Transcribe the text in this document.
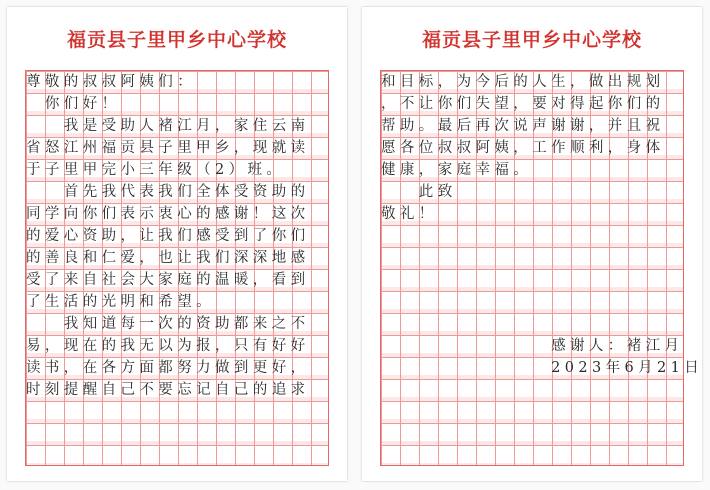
福贡县子里甲乡中心学校
尊敬的叔叔阿姨们：
　你们好！
　　我是受助人褚江月，家住云南
省怒江州福贡县子里甲乡，现就读
于子里甲完小三年级（2）班。
　　首先我代表我们全体受资助的
同学向你们表示衷心的感谢！这次
的爱心资助，让我们感受到了你们
的善良和仁爱，也让我们深深地感
受了来自社会大家庭的温暖，看到
了生活的光明和希望。
　　我知道每一次的资助都来之不
易，现在的我无以为报，只有好好
读书，在各方面都努力做到更好，
时刻提醒自己不要忘记自己的追求
福贡县子里甲乡中心学校
和目标，为今后的人生，做出规划
，不让你们失望，要对得起你们的
帮助。最后再次说声谢谢，并且祝
愿各位叔叔阿姨，工作顺利，身体
健康，家庭幸福。
　　此致
敬礼！
　　　　　　　　　感谢人：褚江月
　　　　　　　　　2023年6月21日
